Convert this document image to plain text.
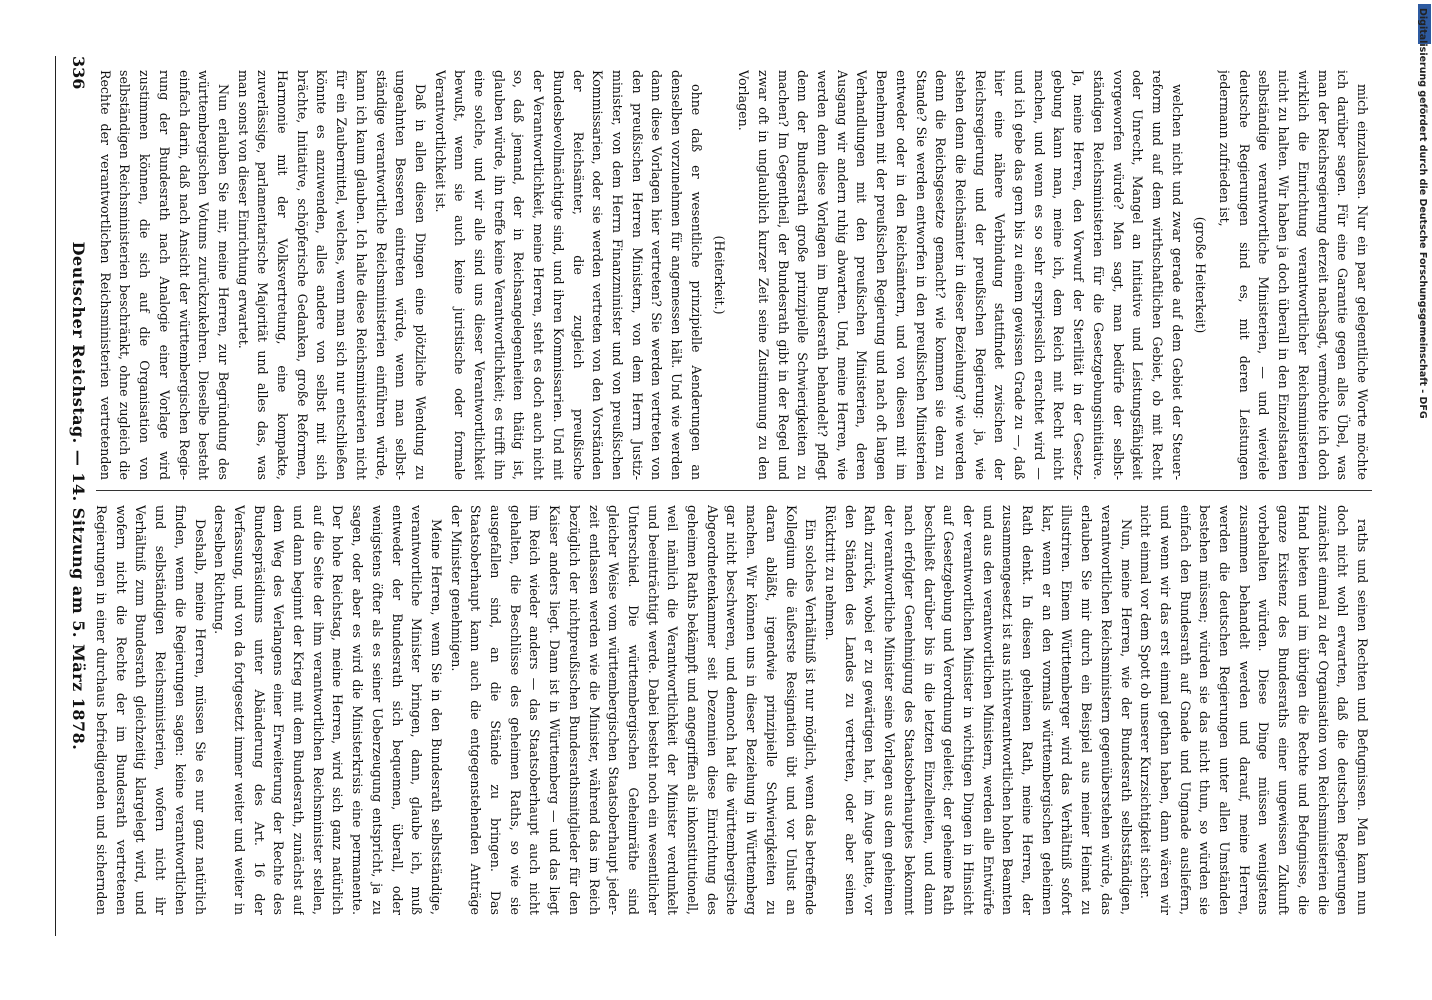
336
Deutscher Reichstag. — 14. Sitzung am 5. März 1878.	mich einzulassen. Nur ein paar gelegentliche Worte möchte ich darüber sagen. Für eine Garantie gegen alles Übel, was man der Reichsregierung derzeit nachsagt, vermöchte ich doch wirklich die Einrichtung verantwortlicher Reichsministerien nicht zu halten. Wir haben ja doch überall in den Einzelstaaten selbständige verantwortliche Ministerien, — und wieviele deutsche Regierungen sind es, mit deren Leistungen jedermann zufrieden ist,

(große Heiterkeit)

welchen nicht und zwar gerade auf dem Gebiet der Steuerreform und auf dem wirthschaftlichen Gebiet, ob mit Recht oder Unrecht, Mangel an Initiative und Leistungsfähigkeit vorgeworfen würde? Man sagt, man bedürfe der selbstständigen Reichsministerien für die Gesetzgebungsinitiative. Ja, meine Herren, den Vorwurf der Sterilität in der Gesetzgebung kann man, meine ich, dem Reich mit Recht nicht machen, und wenn es so sehr erspriesslich erachtet wird — und ich gebe das gern bis zu einem gewissen Grade zu —, daß hier eine nähere Verbindung stattfindet zwischen der Reichsregierung und der preußischen Regierung: ja, wie stehen denn die Reichsämter in dieser Beziehung? wie werden denn die Reichsgesetze gemacht? wie kommen sie denn zu Stande? Sie werden entworfen in den preußischen Ministerien entweder oder in den Reichsämtern, und von diesen mit im Benehmen mit der preußischen Regierung und nach oft langen Verhandlungen mit den preußischen Ministerien, deren Ausgang wir andern ruhig abwarten. Und, meine Herren, wie werden denn diese Vorlagen im Bundesrath behandelt? pflegt denn der Bundesrath große prinzipielle Schwierigkeiten zu machen? Im Gegentheil, der Bundesrath gibt in der Regel und zwar oft in unglaublich kurzer Zeit seine Zustimmung zu den Vorlagen.

(Heiterkeit.)

ohne daß er wesentliche prinzipielle Aenderungen an denselben vorzunehmen für angemessen hält. Und wie werden dann diese Vorlagen hier vertreten? Sie werden vertreten von den preußischen Herren Ministern, von dem Herrn Justizminister, von dem Herrn Finanzminister und von preußischen Kommissarien, oder sie werden vertreten von den Vorständen der Reichsämter, die zugleich preußische Bundesbevollmächtigte sind, und ihren Kommissarien. Und mit der Verantwortlichkeit, meine Herren, steht es doch auch nicht so, daß jemand, der in Reichsangelegenheiten thätig ist, glauben würde, ihn treffe keine Verantwortlichkeit; es trifft ihn eine solche, und wir alle sind uns dieser Verantwortlichkeit bewußt, wenn sie auch keine juristische oder formale Verantwortlichkeit ist.

Daß in allen diesen Dingen eine plötzliche Wendung zu ungeahnten Besseren eintreten würde, wenn man selbstständige verantwortliche Reichsministerien einführen würde, kann ich kaum glauben. Ich halte diese Reichsministerien nicht für ein Zaubermittel, welches, wenn man sich nur entschließen könnte es anzuwenden, alles andere von selbst mit sich brächte, Initiative, schöpferische Gedanken, große Reformen, Harmonie mit der Volksvertretung, eine kompakte, zuverlässige, parlamentarische Majorität und alles das, was man sonst von dieser Einrichtung erwartet.

Nun erlauben Sie mir, meine Herren, zur Begründung des württembergischen Votums zurückzukehren. Dieselbe besteht einfach darin, daß nach Ansicht der württembergischen Regierung der Bundesrath nach Analogie einer Vorlage wird zustimmen können, die sich auf die Organisation von selbständigen Reichsministerien beschränkt, ohne zugleich die Rechte der verantwortlichen Reichsministerien vertretenden

raths und seinen Rechten und Befugnissen. Man kann nun doch nicht wohl erwarten, daß die deutschen Regierungen zunächst einmal zu der Organisation von Reichsministerien die Hand bieten und im übrigen die Rechte und Befugnisse, die ganze Existenz des Bundesraths einer ungewissen Zukunft vorbehalten würden. Diese Dinge müssen wenigstens zusammen behandelt werden und darauf, meine Herren, werden die deutschen Regierungen unter allen Umständen bestehen müssen; würden sie das nicht thun, so würden sie einfach den Bundesrath auf Gnade und Ungnade ausliefern, und wenn wir das erst einmal gethan haben, dann wären wir nicht einmal vor dem Spott ob unserer Kurzsichtigkeit sicher.

Nun, meine Herren, wie der Bundesrath selbstständigen, verantwortlichen Reichsministern gegenüberstehen würde, das erlauben Sie mir durch ein Beispiel aus meiner Heimat zu illustriren. Einem Württemberger wird das Verhältniß sofort klar, wenn er an den vormals württembergischen geheimen Rath denkt. In diesen geheimen Rath, meine Herren, der zusammengesetzt ist aus nichtverantwortlichen hohen Beamten und aus den verantwortlichen Ministern, werden alle Entwürfe der verantwortlichen Minister in wichtigen Dingen in Hinsicht auf Gesetzgebung und Verordnung geleitet; der geheime Rath beschließt darüber bis in die letzten Einzelheiten, und dann nach erfolgter Genehmigung des Staatsoberhauptes bekommt der verantwortliche Minister seine Vorlagen aus dem geheimen Rath zurück, wobei er zu gewärtigen hat, im Auge hatte, vor den Ständen des Landes zu vertreten, oder aber seinen Rücktritt zu nehmen.

Ein solches Verhältniß ist nur möglich, wenn das betreffende Kollegium die äußerste Resignation übt und vor Unlust an daran abläßt, irgendwie prinzipielle Schwierigkeiten zu machen. Wir können uns in dieser Beziehung in Württemberg gar nicht beschweren, und dennoch hat die württembergische Abgeordnetenkammer seit Dezennien diese Einrichtung des geheimen Raths bekämpft und angegriffen als inkonstitutionell, weil nämlich die Verantwortlichkeit der Minister verdunkelt und beeinträchtigt werde. Dabei besteht noch ein wesentlicher Unterschied. Die württembergischen Geheimräthe sind gleicher Weise vom württembergischen Staatsoberhaupt jederzeit entlassen werden wie die Minister, während das im Reich bezüglich der nichtpreußischen Bundesrathsmitglieder für den Kaiser anders liegt. Dann ist in Württemberg — und das liegt im Reich wieder anders — das Staatsoberhaupt auch nicht gehalten, die Beschlüsse des geheimen Raths, so wie sie ausgefallen sind, an die Stände zu bringen. Das Staatsoberhaupt kann auch die entgegenstehenden Anträge der Minister genehmigen.

Meine Herren, wenn Sie in den Bundesrath selbstständige, verantwortliche Minister bringen, dann, glaube ich, muß entweder der Bundesrath sich bequemen, überall, oder wenigstens öfter als es seiner Ueberzeugung entspricht, ja zu sagen, oder aber es wird die Ministerkrisis eine permanente. Der hohe Reichstag, meine Herren, wird sich ganz natürlich auf die Seite der ihm verantwortlichen Reichsminister stellen, und dann beginnt der Krieg mit dem Bundesrath, zunächst auf dem Weg des Verlangens einer Erweiterung der Rechte des Bundespräsidiums unter Abänderung des Art. 16 der Verfassung, und von da fortgesetzt immer weiter und weiter in derselben Richtung.

Deshalb, meine Herren, müssen Sie es nur ganz natürlich finden, wenn die Regierungen sagen: keine verantwortlichen und selbständigen Reichsministerien, wofern nicht ihr Verhältniß zum Bundesrath gleichzeitig klargelegt wird, und wofern nicht die Rechte der im Bundesrath vertretenen Regierungen in einer durchaus befriedigenden und sichernden

Digitalisierung gefördert durch die Deutsche Forschungsgemeinschaft - DFG
